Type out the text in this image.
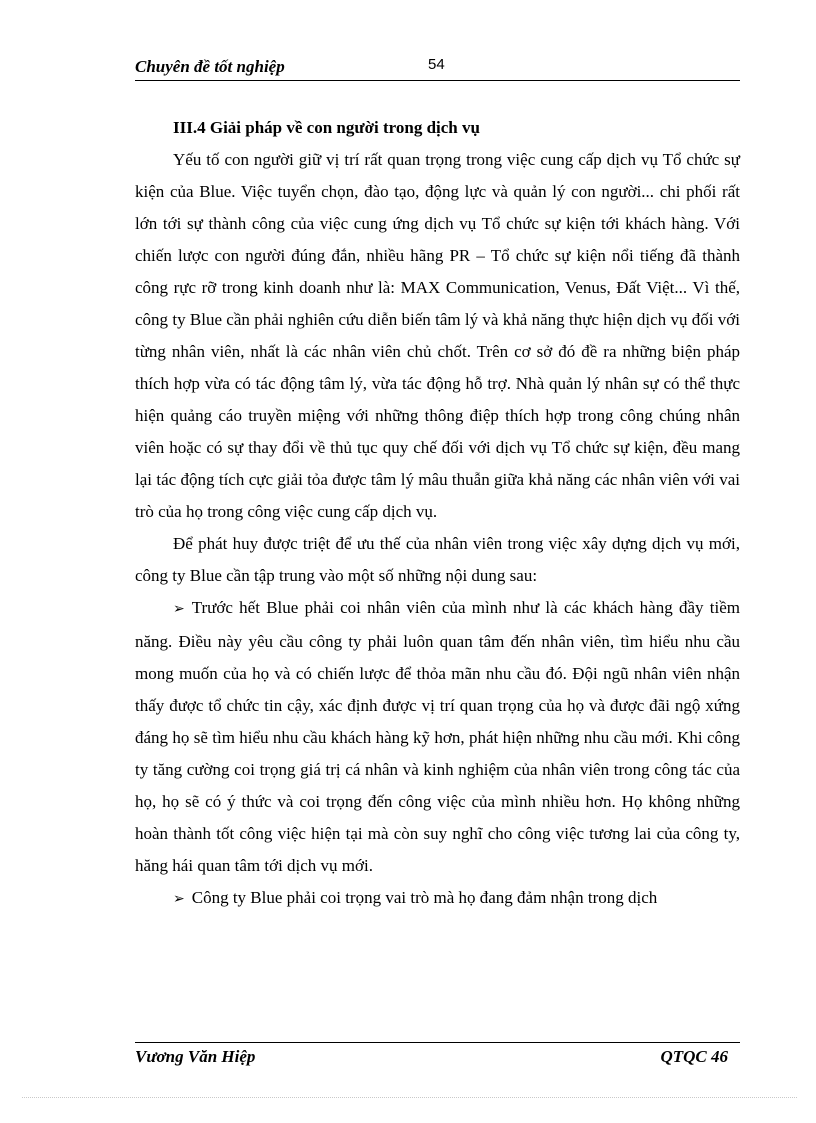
Chuyên đề tốt nghiệp	54

III.4 Giải pháp về con người trong dịch vụ

Yếu tố con người giữ vị trí rất quan trọng trong việc cung cấp dịch vụ Tổ chức sự kiện của Blue. Việc tuyển chọn, đào tạo, động lực và quản lý con người... chi phối rất lớn tới sự thành công của việc cung ứng dịch vụ Tổ chức sự kiện tới khách hàng. Với chiến lược con người đúng đắn, nhiều hãng PR – Tổ chức sự kiện nổi tiếng đã thành công rực rỡ trong kinh doanh như là: MAX Communication, Venus, Đất Việt... Vì thế, công ty Blue cần phải nghiên cứu diễn biến tâm lý và khả năng thực hiện dịch vụ đối với từng nhân viên, nhất là các nhân viên chủ chốt. Trên cơ sở đó đề ra những biện pháp thích hợp vừa có tác động tâm lý, vừa tác động hỗ trợ. Nhà quản lý nhân sự có thể thực hiện quảng cáo truyền miệng với những thông điệp thích hợp trong công chúng nhân viên hoặc có sự thay đổi về thủ tục quy chế đối với dịch vụ Tổ chức sự kiện, đều mang lại tác động tích cực giải tỏa được tâm lý mâu thuẫn giữa khả năng các nhân viên với vai trò của họ trong công việc cung cấp dịch vụ.

Để phát huy được triệt để ưu thế của nhân viên trong việc xây dựng dịch vụ mới, công ty Blue cần tập trung vào một số những nội dung sau:

➢ Trước hết Blue phải coi nhân viên của mình như là các khách hàng đầy tiềm năng. Điều này yêu cầu công ty phải luôn quan tâm đến nhân viên, tìm hiểu nhu cầu mong muốn của họ và có chiến lược để thỏa mãn nhu cầu đó. Đội ngũ nhân viên nhận thấy được tổ chức tin cậy, xác định được vị trí quan trọng của họ và được đãi ngộ xứng đáng họ sẽ tìm hiểu nhu cầu khách hàng kỹ hơn, phát hiện những nhu cầu mới. Khi công ty tăng cường coi trọng giá trị cá nhân và kinh nghiệm của nhân viên trong công tác của họ, họ sẽ có ý thức và coi trọng đến công việc của mình nhiều hơn. Họ không những hoàn thành tốt công việc hiện tại mà còn suy nghĩ cho công việc tương lai của công ty, hăng hái quan tâm tới dịch vụ mới.

➢ Công ty Blue phải coi trọng vai trò mà họ đang đảm nhận trong dịch

Vương Văn Hiệp	QTQC 46
